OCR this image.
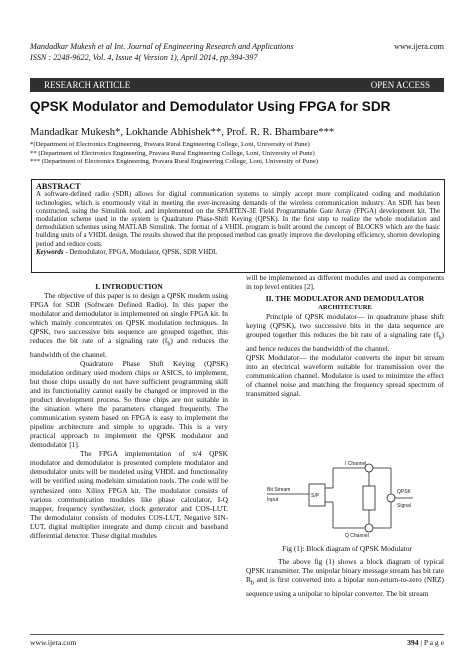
Mandadkar Mukesh et al Int. Journal of Engineering Research and Applications	www.ijera.com
ISSN : 2248-9622, Vol. 4, Issue 4( Version 1), April 2014, pp.394-397
RESEARCH ARTICLE	OPEN ACCESS
QPSK Modulator and Demodulator Using FPGA for SDR
Mandadkar Mukesh*, Lokhande Abhishek**, Prof. R. R. Bhambare***
*(Department of Electronics Engineering, Pravara Rural Engineering College, Loni, University of Pune)
** (Department of Electronics Engineering, Pravara Rural Engineering College, Loni, University of Pune)
*** (Department of Electronics Engineering, Pravara Rural Engineering College, Loni, University of Pune)
ABSTRACT
A software-defined radio (SDR) allows for digital communication systems to simply accept more complicated coding and modulation technologies, which is enormously vital in meeting the ever-increasing demands of the wireless communication industry. An SDR has been constructed, using the Simulink tool, and implemented on the SPARTEN-3E Field Programmable Gate Array (FPGA) development kit. The modulation scheme used in the system is Quadrature Phase-Shift Keying (QPSK). In the first step to realize the whole modulation and demodulation schemes using MATLAB Simulink. The format of a VHDL program is built around the concept of BLOCKS which are the basic building units of a VHDL design. The results showed that the proposed method can greatly improve the developing efficiency, shorten developing period and reduce costs.
Keywords - Demodulator, FPGA, Modulator, QPSK, SDR VHDL
I. INTRODUCTION

The objective of this paper is to design a QPSK modem using FPGA for SDR (Software Defined Radio). In this paper the modulator and demodulator is implemented on single FPGA kit. In which mainly concentrates on QPSK modulation techniques. In QPSK, two successive bits sequence are grouped together, this reduces the bit rate of a signaling rate $(f_b)$ and reduces the bandwidth of the channel.

Quadrature Phase Shift Keying (QPSK) modulation ordinary used modern chips or ASICS, to implement, but those chips usually do not have sufficient programming skill and its functionality cannot easily be changed or improved in the product development process. So those chips are not suitable in the situation where the parameters changed frequently. The communication system based on FPGA is easy to implement the pipeline architecture and simple to upgrade. This is a very practical approach to implement the QPSK modulator and demodulator [1].

The FPGA implementation of π/4 QPSK modulator and demodulator is presented complete modulator and demodulator units will be modeled using VHDL and functionality will be verified using modelsim simulation tools. The code will be synthesized onto Xilinx FPGA kit. The modulator consists of various communication modules like phase calculator, I-Q mapper, frequency synthesizer, clock generator and COS-LUT. The demodulator consists of modules COS-LUT, Negative SIN-LUT, digital multiplier integrate and dump circuit and baseband differential detector. These digital modules

will be implemented as different modules and used as components in top level entities [2].

II. THE MODULATOR AND DEMODULATOR
ARCHITECTURE

Principle of QPSK modulator— in quadrature phase shift keying (QPSK), two successive bits in the data sequence are grouped together this reduces the bit rate of a signaling rate $(f_b)$ and hence reduces the bandwidth of the channel.

QPSK Modulator— the modulator converts the input bit stream into an electrical waveform suitable for transmission over the communication channel. Modulator is used to minimize the effect of channel noise and matching the frequency spread spectrum of transmitted signal.

I Channel
Q Channel
Bit Stream
Input
S/P
QPSK
Signal
Fig (1): Block diagram of QPSK Modulator

The above fig (1) shows a block diagram of typical QPSK transmitter. The unipolar binary message stream has bit rate $R_b$ and is first converted into a bipolar non-return-to-zero (NRZ) sequence using a unipolar to bipolar converter. The bit stream

www.ijera.com	394 | P a g e
